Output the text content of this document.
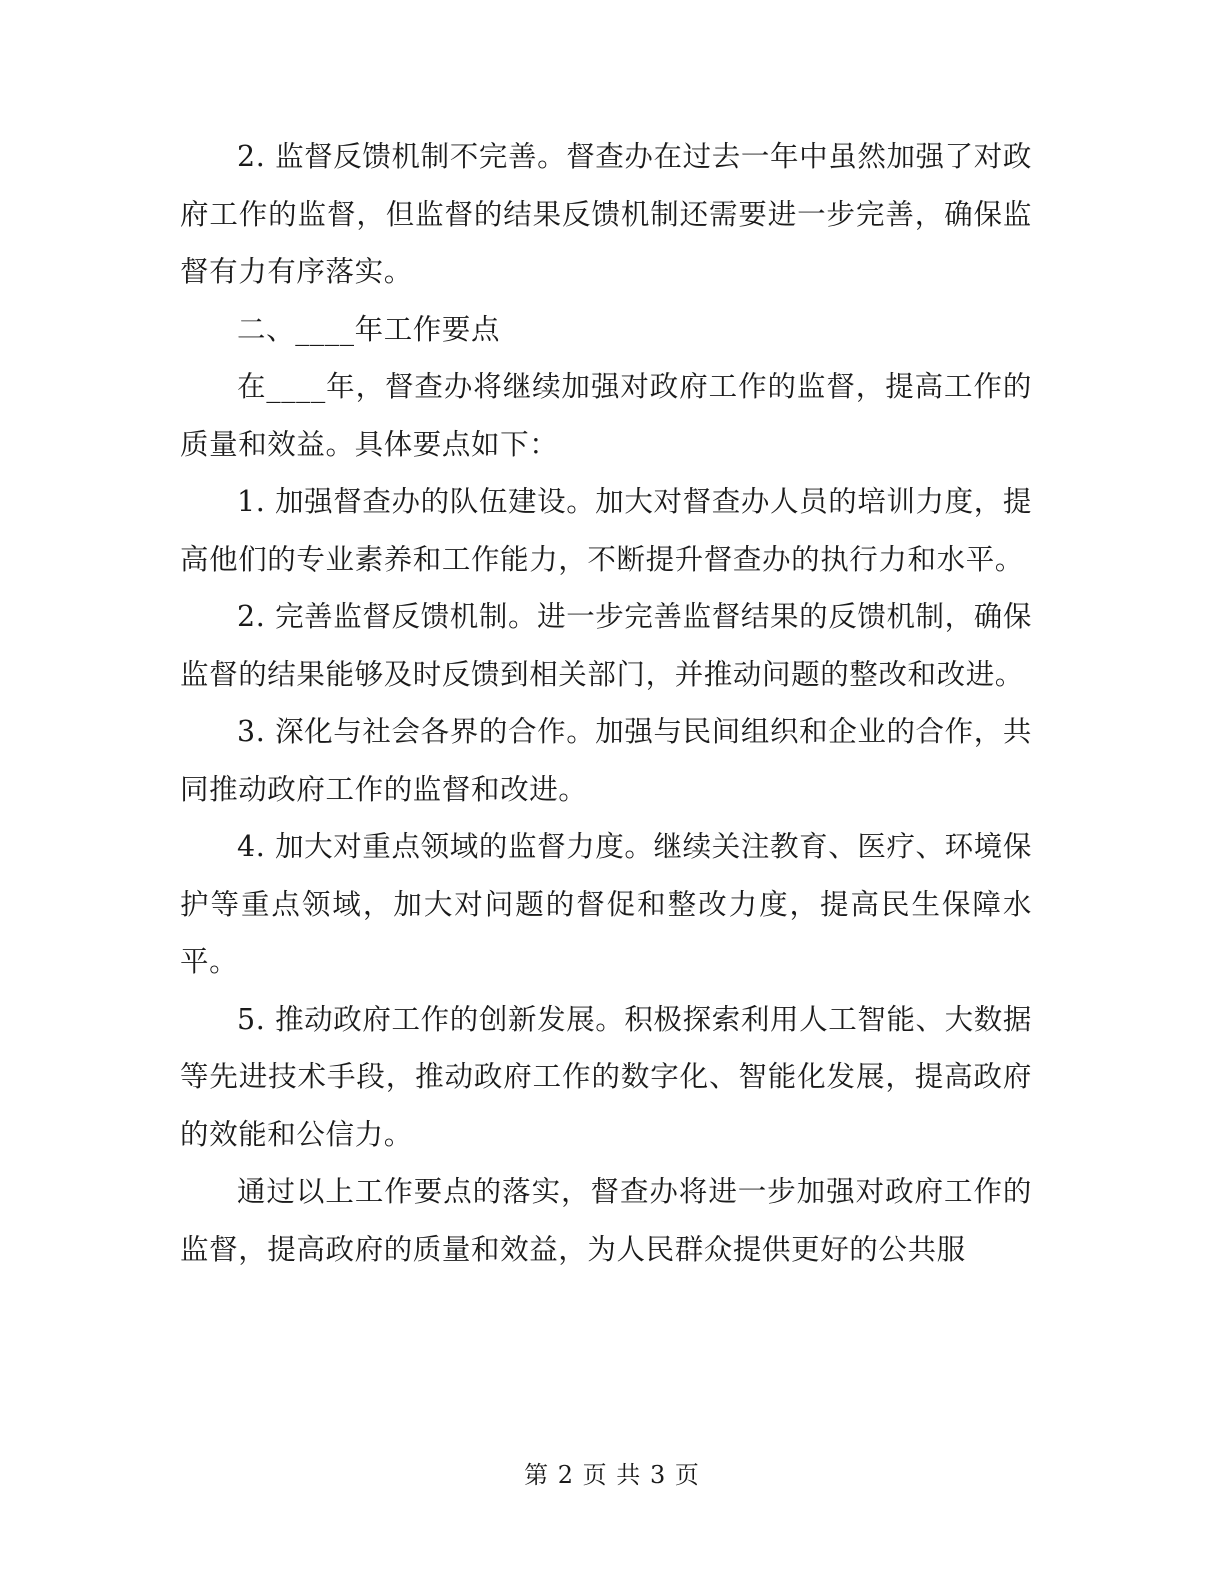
2. 监督反馈机制不完善。督查办在过去一年中虽然加强了对政府工作的监督，但监督的结果反馈机制还需要进一步完善，确保监督有力有序落实。

二、____年工作要点

在____年，督查办将继续加强对政府工作的监督，提高工作的质量和效益。具体要点如下：

1. 加强督查办的队伍建设。加大对督查办人员的培训力度，提高他们的专业素养和工作能力，不断提升督查办的执行力和水平。

2. 完善监督反馈机制。进一步完善监督结果的反馈机制，确保监督的结果能够及时反馈到相关部门，并推动问题的整改和改进。

3. 深化与社会各界的合作。加强与民间组织和企业的合作，共同推动政府工作的监督和改进。

4. 加大对重点领域的监督力度。继续关注教育、医疗、环境保护等重点领域，加大对问题的督促和整改力度，提高民生保障水平。

5. 推动政府工作的创新发展。积极探索利用人工智能、大数据等先进技术手段，推动政府工作的数字化、智能化发展，提高政府的效能和公信力。

通过以上工作要点的落实，督查办将进一步加强对政府工作的监督，提高政府的质量和效益，为人民群众提供更好的公共服

第 2 页 共 3 页
